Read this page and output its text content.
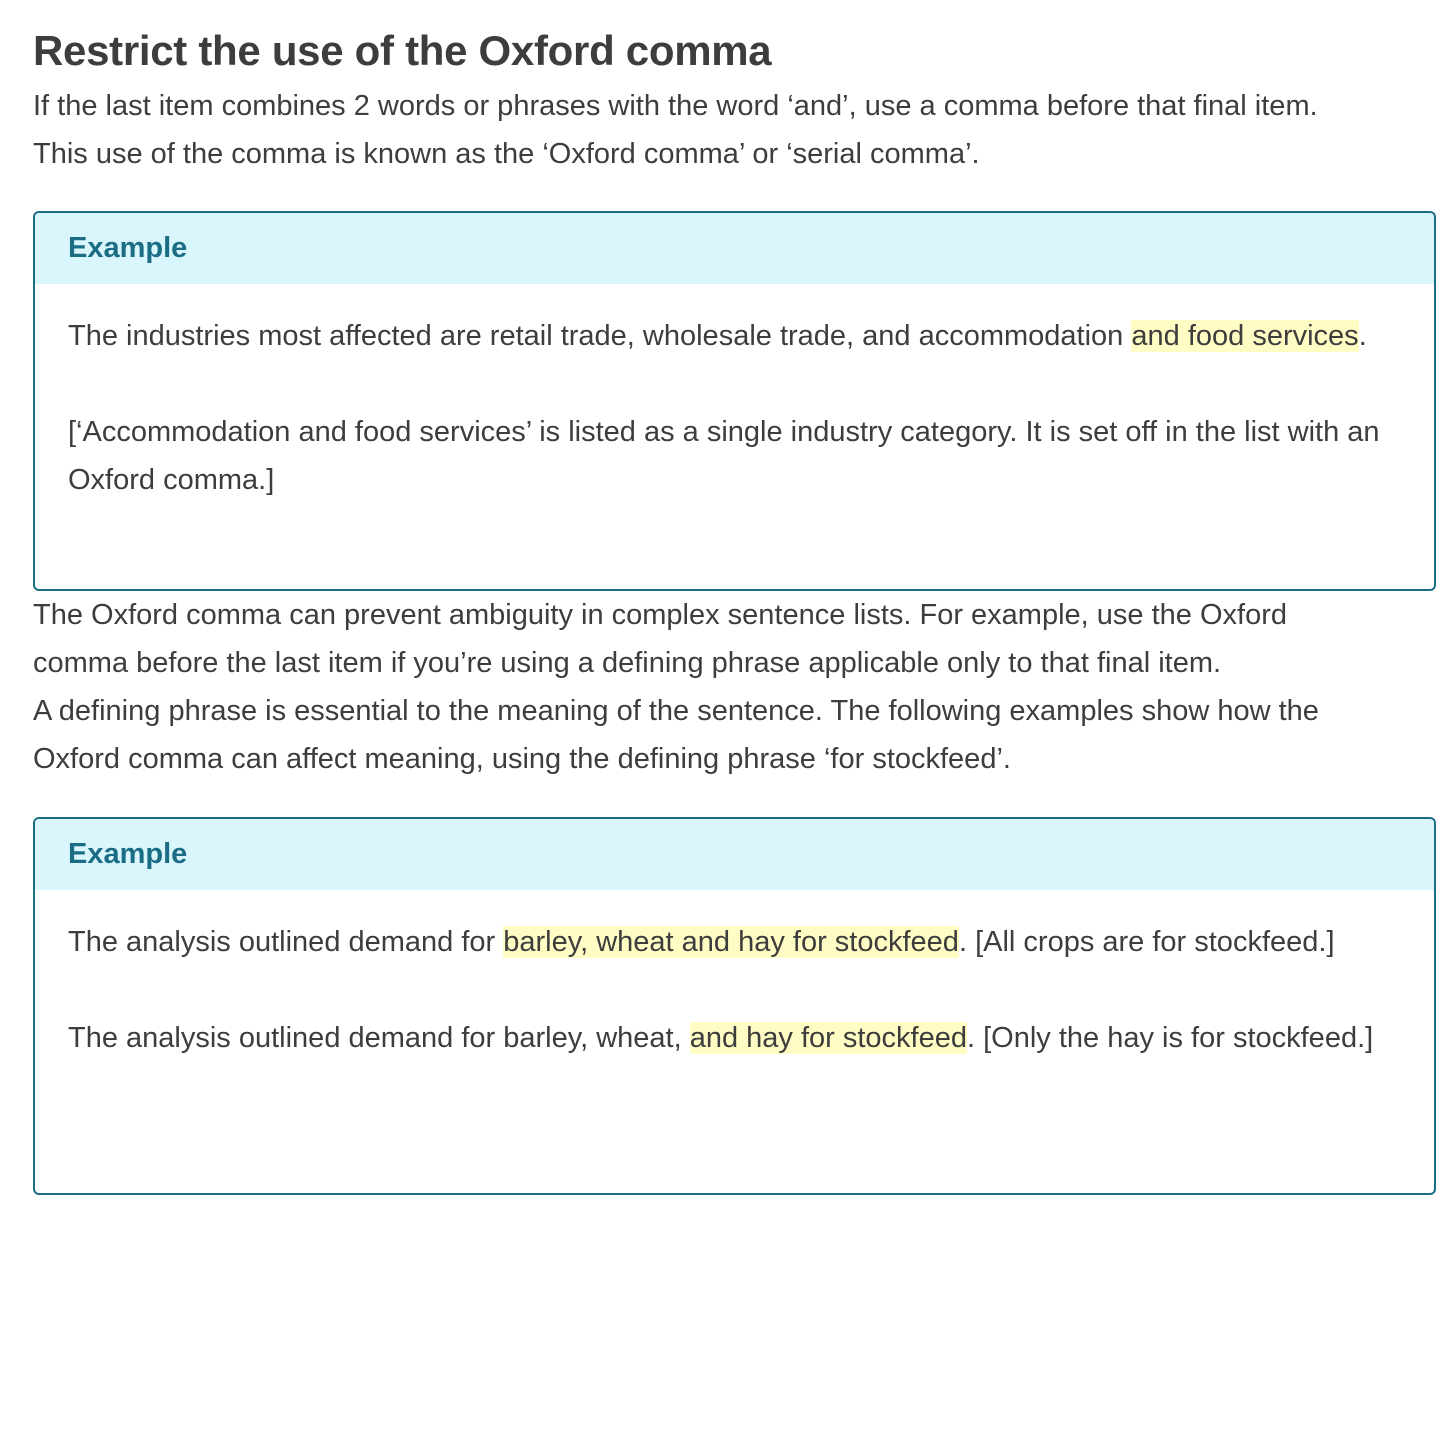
Restrict the use of the Oxford comma

If the last item combines 2 words or phrases with the word ‘and’, use a comma before that final item. This use of the comma is known as the ‘Oxford comma’ or ‘serial comma’.

Example

The industries most affected are retail trade, wholesale trade, and accommodation and food services.

[‘Accommodation and food services’ is listed as a single industry category. It is set off in the list with an Oxford comma.]

The Oxford comma can prevent ambiguity in complex sentence lists. For example, use the Oxford comma before the last item if you’re using a defining phrase applicable only to that final item.

A defining phrase is essential to the meaning of the sentence. The following examples show how the Oxford comma can affect meaning, using the defining phrase ‘for stockfeed’.

Example

The analysis outlined demand for barley, wheat and hay for stockfeed. [All crops are for stockfeed.]

The analysis outlined demand for barley, wheat, and hay for stockfeed. [Only the hay is for stockfeed.]
